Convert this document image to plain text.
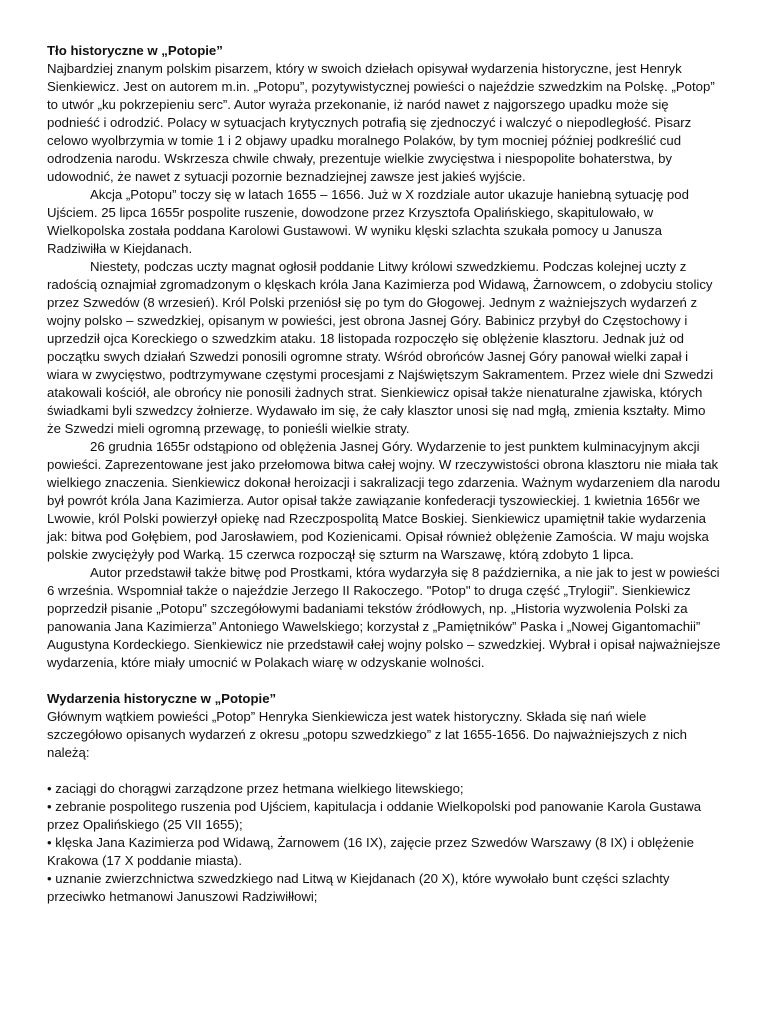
Tło historyczne w „Potopie”

Najbardziej znanym polskim pisarzem, który w swoich dziełach opisywał wydarzenia historyczne, jest Henryk Sienkiewicz. Jest on autorem m.in. „Potopu”, pozytywistycznej powieści o najeździe szwedzkim na Polskę. „Potop” to utwór „ku pokrzepieniu serc”. Autor wyraża przekonanie, iż naród nawet z najgorszego upadku może się podnieść i odrodzić. Polacy w sytuacjach krytycznych potrafią się zjednoczyć i walczyć o niepodległość. Pisarz celowo wyolbrzymia w tomie 1 i 2 objawy upadku moralnego Polaków, by tym mocniej później podkreślić cud odrodzenia narodu. Wskrzesza chwile chwały, prezentuje wielkie zwycięstwa i niespopolite bohaterstwa, by udowodnić, że nawet z sytuacji pozornie beznadziejnej zawsze jest jakieś wyjście.

Akcja „Potopu” toczy się w latach 1655 – 1656. Już w X rozdziale autor ukazuje haniebną sytuację pod Ujściem. 25 lipca 1655r pospolite ruszenie, dowodzone przez Krzysztofa Opalińskiego, skapitulowało, w Wielkopolska została poddana Karolowi Gustawowi. W wyniku klęski szlachta szukała pomocy u Janusza Radziwiłła w Kiejdanach.

Niestety, podczas uczty magnat ogłosił poddanie Litwy królowi szwedzkiemu. Podczas kolejnej uczty z radością oznajmiał zgromadzonym o klęskach króla Jana Kazimierza pod Widawą, Żarnowcem, o zdobyciu stolicy przez Szwedów (8 wrzesień). Król Polski przeniósł się po tym do Głogowej. Jednym z ważniejszych wydarzeń z wojny polsko – szwedzkiej, opisanym w powieści, jest obrona Jasnej Góry. Babinicz przybył do Częstochowy i uprzedził ojca Koreckiego o szwedzkim ataku. 18 listopada rozpoczęło się oblężenie klasztoru. Jednak już od początku swych działań Szwedzi ponosili ogromne straty. Wśród obrońców Jasnej Góry panował wielki zapał i wiara w zwycięstwo, podtrzymywane częstymi procesjami z Najświętszym Sakramentem. Przez wiele dni Szwedzi atakowali kościół, ale obrońcy nie ponosili żadnych strat. Sienkiewicz opisał także nienaturalne zjawiska, których świadkami byli szwedzcy żołnierze. Wydawało im się, że cały klasztor unosi się nad mgłą, zmienia kształty. Mimo że Szwedzi mieli ogromną przewagę, to ponieśli wielkie straty.

26 grudnia 1655r odstąpiono od oblężenia Jasnej Góry. Wydarzenie to jest punktem kulminacyjnym akcji powieści. Zaprezentowane jest jako przełomowa bitwa całej wojny. W rzeczywistości obrona klasztoru nie miała tak wielkiego znaczenia. Sienkiewicz dokonał heroizacji i sakralizacji tego zdarzenia. Ważnym wydarzeniem dla narodu był powrót króla Jana Kazimierza. Autor opisał także zawiązanie konfederacji tyszowieckiej. 1 kwietnia 1656r we Lwowie, król Polski powierzył opiekę nad Rzeczpospolitą Matce Boskiej. Sienkiewicz upamiętnił takie wydarzenia jak: bitwa pod Gołębiem, pod Jarosławiem, pod Kozienicami. Opisał również oblężenie Zamościa. W maju wojska polskie zwyciężyły pod Warką. 15 czerwca rozpoczął się szturm na Warszawę, którą zdobyto 1 lipca.

Autor przedstawił także bitwę pod Prostkami, która wydarzyła się 8 października, a nie jak to jest w powieści 6 września. Wspomniał także o najeździe Jerzego II Rakoczego. "Potop" to druga część „Trylogii”. Sienkiewicz poprzedził pisanie „Potopu” szczegółowymi badaniami tekstów źródłowych, np. „Historia wyzwolenia Polski za panowania Jana Kazimierza” Antoniego Wawelskiego; korzystał z „Pamiętników” Paska i „Nowej Gigantomachii” Augustyna Kordeckiego. Sienkiewicz nie przedstawił całej wojny polsko – szwedzkiej. Wybrał i opisał najważniejsze wydarzenia, które miały umocnić w Polakach wiarę w odzyskanie wolności.

Wydarzenia historyczne w „Potopie”

Głównym wątkiem powieści „Potop” Henryka Sienkiewicza jest watek historyczny. Składa się nań wiele szczegółowo opisanych wydarzeń z okresu „potopu szwedzkiego” z lat 1655-1656. Do najważniejszych z nich należą:

• zaciągi do chorągwi zarządzone przez hetmana wielkiego litewskiego;

• zebranie pospolitego ruszenia pod Ujściem, kapitulacja i oddanie Wielkopolski pod panowanie Karola Gustawa przez Opalińskiego (25 VII 1655);

• klęska Jana Kazimierza pod Widawą, Żarnowem (16 IX), zajęcie przez Szwedów Warszawy (8 IX) i oblężenie Krakowa (17 X poddanie miasta).

• uznanie zwierzchnictwa szwedzkiego nad Litwą w Kiejdanach (20 X), które wywołało bunt części szlachty przeciwko hetmanowi Januszowi Radziwiłłowi;
